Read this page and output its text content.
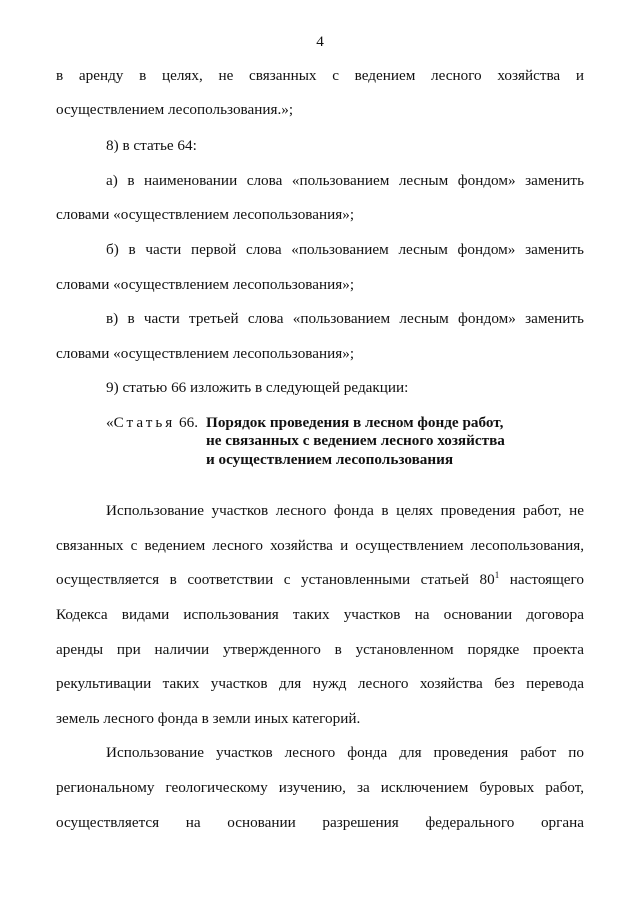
4
в аренду в целях, не связанных с ведением лесного хозяйства и
осуществлением лесопользования.»;
8) в статье 64:
а) в наименовании слова «пользованием лесным фондом» заменить
словами «осуществлением лесопользования»;
б) в части первой слова «пользованием лесным фондом» заменить
словами «осуществлением лесопользования»;
в) в части третьей слова «пользованием лесным фондом» заменить
словами «осуществлением лесопользования»;
9) статью 66 изложить в следующей редакции:
«Статья 66. Порядок проведения в лесном фонде работ,
не связанных с ведением лесного хозяйства
и осуществлением лесопользования
Использование участков лесного фонда в целях проведения работ, не
связанных с ведением лесного хозяйства и осуществлением лесопользования,
осуществляется в соответствии с установленными статьей $80^1$ настоящего
Кодекса видами использования таких участков на основании договора
аренды при наличии утвержденного в установленном порядке проекта
рекультивации таких участков для нужд лесного хозяйства без перевода
земель лесного фонда в земли иных категорий.
Использование участков лесного фонда для проведения работ по
региональному геологическому изучению, за исключением буровых работ,
осуществляется на основании разрешения федерального органа
